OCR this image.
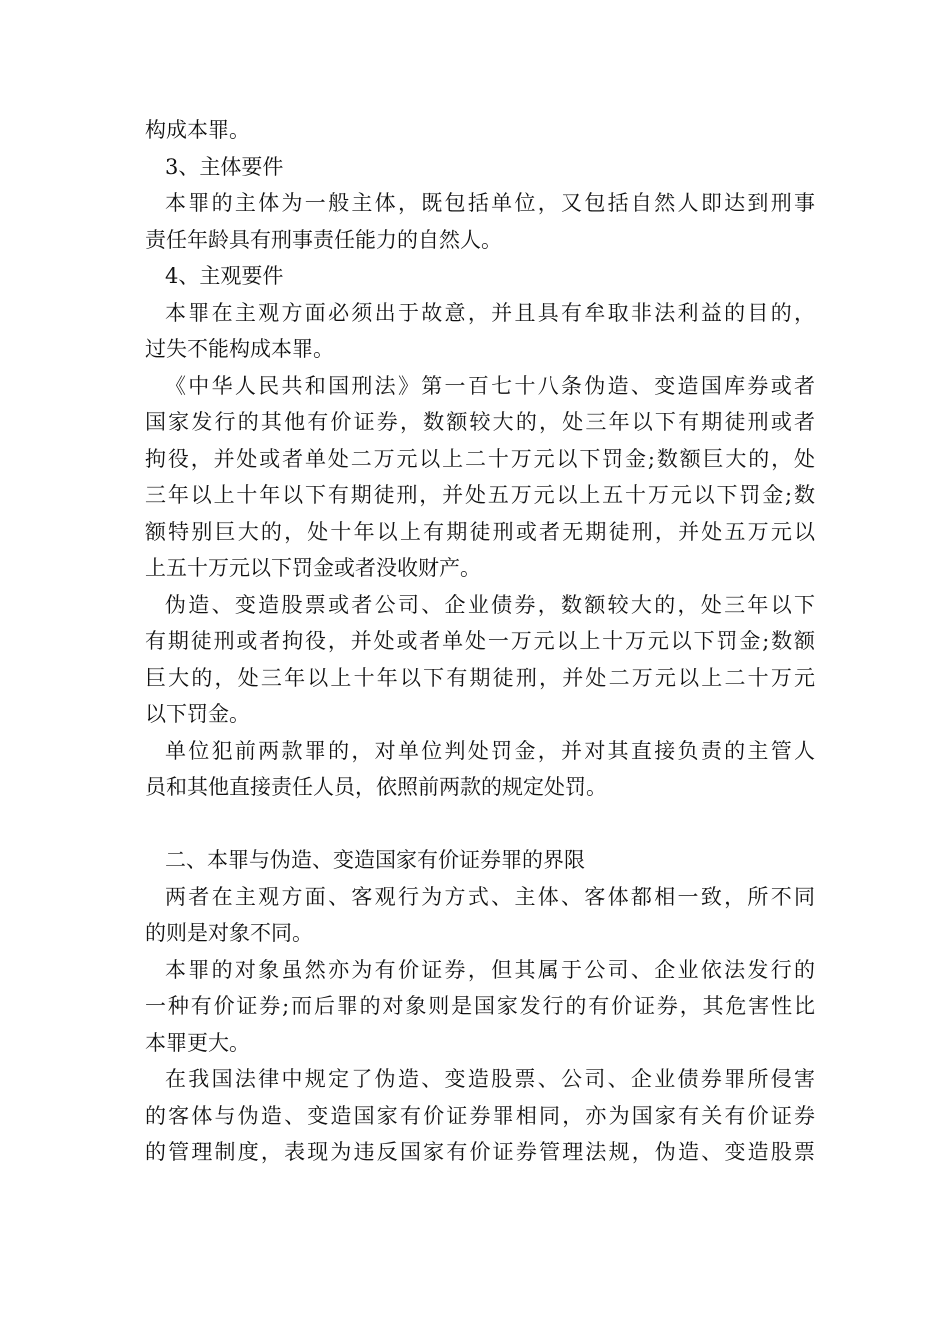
构成本罪。
3、主体要件
本罪的主体为一般主体，既包括单位，又包括自然人即达到刑事
责任年龄具有刑事责任能力的自然人。
4、主观要件
本罪在主观方面必须出于故意，并且具有牟取非法利益的目的，
过失不能构成本罪。
《中华人民共和国刑法》第一百七十八条伪造、变造国库券或者
国家发行的其他有价证券，数额较大的，处三年以下有期徒刑或者
拘役，并处或者单处二万元以上二十万元以下罚金;数额巨大的，处
三年以上十年以下有期徒刑，并处五万元以上五十万元以下罚金;数
额特别巨大的，处十年以上有期徒刑或者无期徒刑，并处五万元以
上五十万元以下罚金或者没收财产。
伪造、变造股票或者公司、企业债券，数额较大的，处三年以下
有期徒刑或者拘役，并处或者单处一万元以上十万元以下罚金;数额
巨大的，处三年以上十年以下有期徒刑，并处二万元以上二十万元
以下罚金。
单位犯前两款罪的，对单位判处罚金，并对其直接负责的主管人
员和其他直接责任人员，依照前两款的规定处罚。
二、本罪与伪造、变造国家有价证券罪的界限
两者在主观方面、客观行为方式、主体、客体都相一致，所不同
的则是对象不同。
本罪的对象虽然亦为有价证券，但其属于公司、企业依法发行的
一种有价证券;而后罪的对象则是国家发行的有价证券，其危害性比
本罪更大。
在我国法律中规定了伪造、变造股票、公司、企业债券罪所侵害
的客体与伪造、变造国家有价证券罪相同，亦为国家有关有价证券
的管理制度，表现为违反国家有价证券管理法规，伪造、变造股票
